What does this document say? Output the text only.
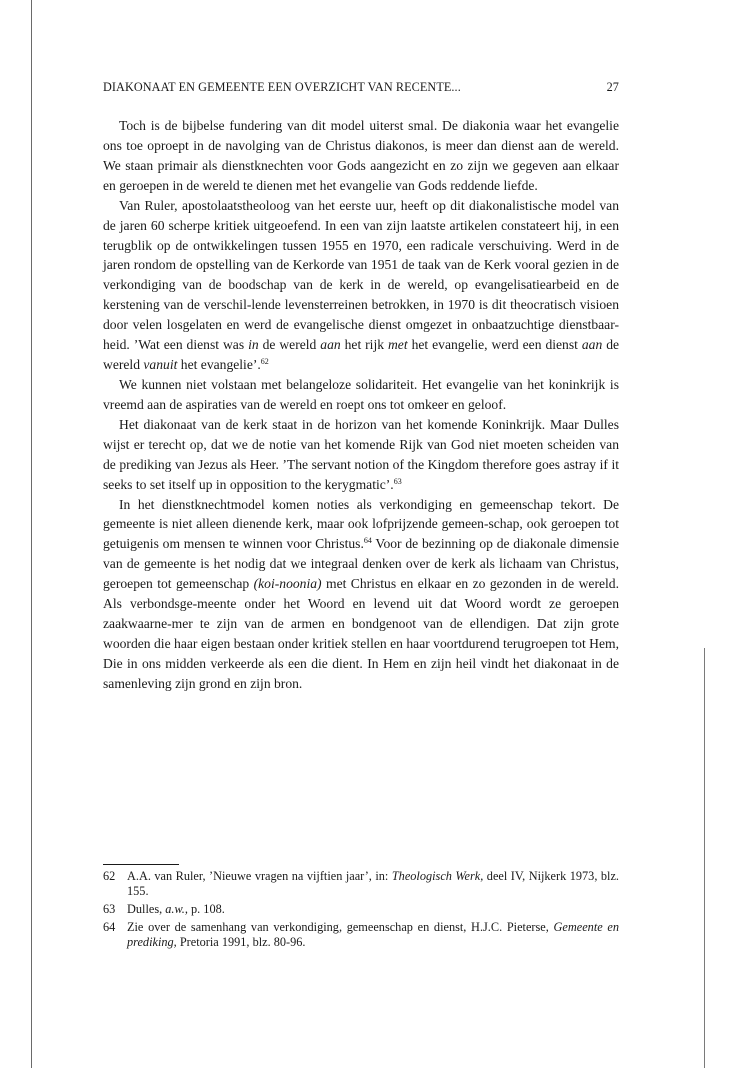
DIAKONAAT EN GEMEENTE EEN OVERZICHT VAN RECENTE...	27

Toch is de bijbelse fundering van dit model uiterst smal. De diakonia waar het evangelie ons toe oproept in de navolging van de Christus diakonos, is meer dan dienst aan de wereld. We staan primair als dienstknechten voor Gods aangezicht en zo zijn we gegeven aan elkaar en geroepen in de wereld te dienen met het evangelie van Gods reddende liefde.

Van Ruler, apostolaatstheoloog van het eerste uur, heeft op dit diakonalistische model van de jaren 60 scherpe kritiek uitgeoefend. In een van zijn laatste artikelen constateert hij, in een terugblik op de ontwikkelingen tussen 1955 en 1970, een radicale verschuiving. Werd in de jaren rondom de opstelling van de Kerkorde van 1951 de taak van de Kerk vooral gezien in de verkondiging van de boodschap van de kerk in de wereld, op evangelisatiearbeid en de kerstening van de verschil-lende levensterreinen betrokken, in 1970 is dit theocratisch visioen door velen losgelaten en werd de evangelische dienst omgezet in onbaatzuchtige dienstbaar-heid. ’Wat een dienst was in de wereld aan het rijk met het evangelie, werd een dienst aan de wereld vanuit het evangelie’.$^{62}$

We kunnen niet volstaan met belangeloze solidariteit. Het evangelie van het koninkrijk is vreemd aan de aspiraties van de wereld en roept ons tot omkeer en geloof.

Het diakonaat van de kerk staat in de horizon van het komende Koninkrijk. Maar Dulles wijst er terecht op, dat we de notie van het komende Rijk van God niet moeten scheiden van de prediking van Jezus als Heer. ’The servant notion of the Kingdom therefore goes astray if it seeks to set itself up in opposition to the kerygmatic’.$^{63}$

In het dienstknechtmodel komen noties als verkondiging en gemeenschap tekort. De gemeente is niet alleen dienende kerk, maar ook lofprijzende gemeen-schap, ook geroepen tot getuigenis om mensen te winnen voor Christus.$^{64}$ Voor de bezinning op de diakonale dimensie van de gemeente is het nodig dat we integraal denken over de kerk als lichaam van Christus, geroepen tot gemeenschap (koi-noonia) met Christus en elkaar en zo gezonden in de wereld. Als verbondsge-meente onder het Woord en levend uit dat Woord wordt ze geroepen zaakwaarne-mer te zijn van de armen en bondgenoot van de ellendigen. Dat zijn grote woorden die haar eigen bestaan onder kritiek stellen en haar voortdurend terugroepen tot Hem, Die in ons midden verkeerde als een die dient. In Hem en zijn heil vindt het diakonaat in de samenleving zijn grond en zijn bron.

62 A.A. van Ruler, ’Nieuwe vragen na vijftien jaar’, in: Theologisch Werk, deel IV, Nijkerk 1973, blz. 155.
63 Dulles, a.w., p. 108.
64 Zie over de samenhang van verkondiging, gemeenschap en dienst, H.J.C. Pieterse, Gemeente en prediking, Pretoria 1991, blz. 80-96.
